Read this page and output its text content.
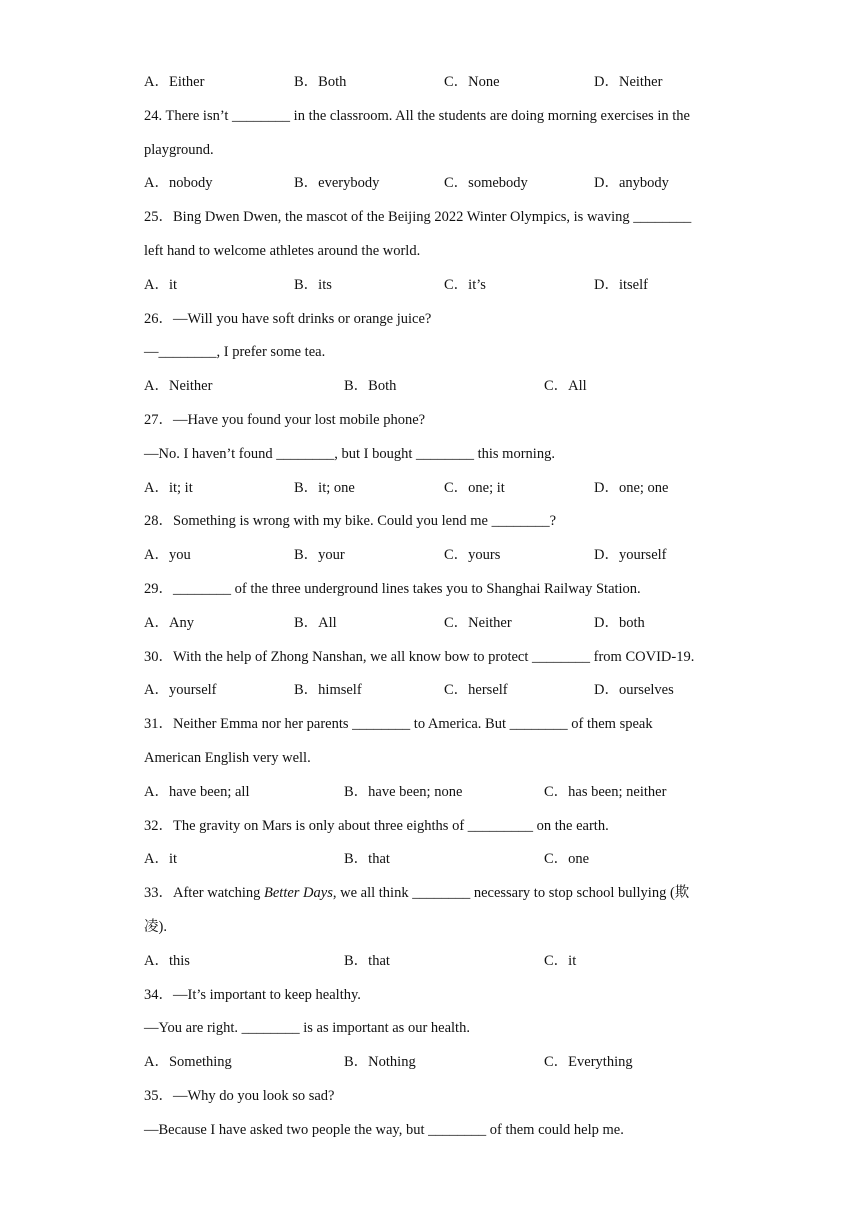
A．Either	B．Both	C．None	D．Neither
24. There isn’t ________ in the classroom. All the students are doing morning exercises in the
playground.
A．nobody	B．everybody	C．somebody	D．anybody
25．Bing Dwen Dwen, the mascot of the Beijing 2022 Winter Olympics, is waving ________
left hand to welcome athletes around the world.
A．it	B．its	C．it’s	D．itself
26．—Will you have soft drinks or orange juice?
—________, I prefer some tea.
A．Neither	B．Both	C．All
27．—Have you found your lost mobile phone?
—No. I haven’t found ________, but I bought ________ this morning.
A．it; it	B．it; one	C．one; it	D．one; one
28．Something is wrong with my bike. Could you lend me ________?
A．you	B．your	C．yours	D．yourself
29．________ of the three underground lines takes you to Shanghai Railway Station.
A．Any	B．All	C．Neither	D．both
30．With the help of Zhong Nanshan, we all know bow to protect ________ from COVID-19.
A．yourself	B．himself	C．herself	D．ourselves
31．Neither Emma nor her parents ________ to America. But ________ of them speak
American English very well.
A．have been; all	B．have been; none	C．has been; neither
32．The gravity on Mars is only about three eighths of _________ on the earth.
A．it	B．that	C．one
33．After watching Better Days, we all think ________ necessary to stop school bullying (欺
凌).
A．this	B．that	C．it
34．—It’s important to keep healthy.
—You are right. ________ is as important as our health.
A．Something	B．Nothing	C．Everything
35．—Why do you look so sad?
—Because I have asked two people the way, but ________ of them could help me.
